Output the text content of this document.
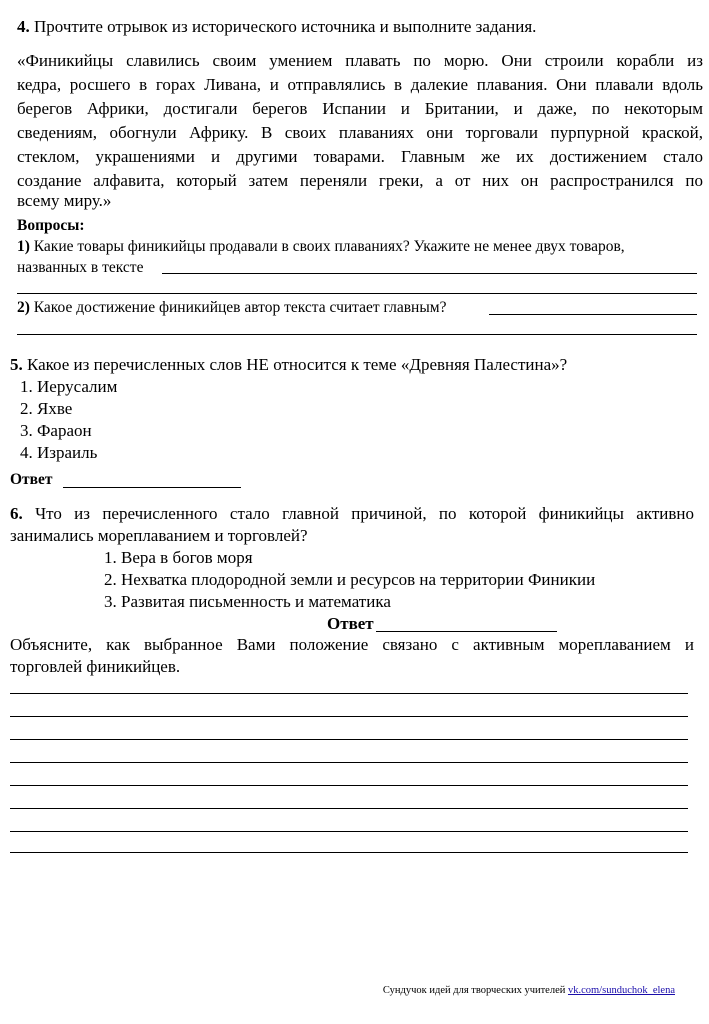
4. Прочтите отрывок из исторического источника и выполните задания.
«Финикийцы славились своим умением плавать по морю. Они строили корабли из
кедра, росшего в горах Ливана, и отправлялись в далекие плавания. Они плавали вдоль
берегов Африки, достигали берегов Испании и Британии, и даже, по некоторым
сведениям, обогнули Африку. В своих плаваниях они торговали пурпурной краской,
стеклом, украшениями и другими товарами. Главным же их достижением стало
создание алфавита, который затем переняли греки, а от них он распространился по
всему миру.»
Вопросы:
1) Какие товары финикийцы продавали в своих плаваниях? Укажите не менее двух товаров,
названных в тексте
2) Какое достижение финикийцев автор текста считает главным?
5. Какое из перечисленных слов НЕ относится к теме «Древняя Палестина»?
1. Иерусалим
2. Яхве
3. Фараон
4. Израиль
Ответ
6. Что из перечисленного стало главной причиной, по которой финикийцы активно
занимались мореплаванием и торговлей?
1. Вера в богов моря
2. Нехватка плодородной земли и ресурсов на территории Финикии
3. Развитая письменность и математика
Ответ
Объясните, как выбранное Вами положение связано с активным мореплаванием и
торговлей финикийцев.
Сундучок идей для творческих учителей vk.com/sunduchok_elena
